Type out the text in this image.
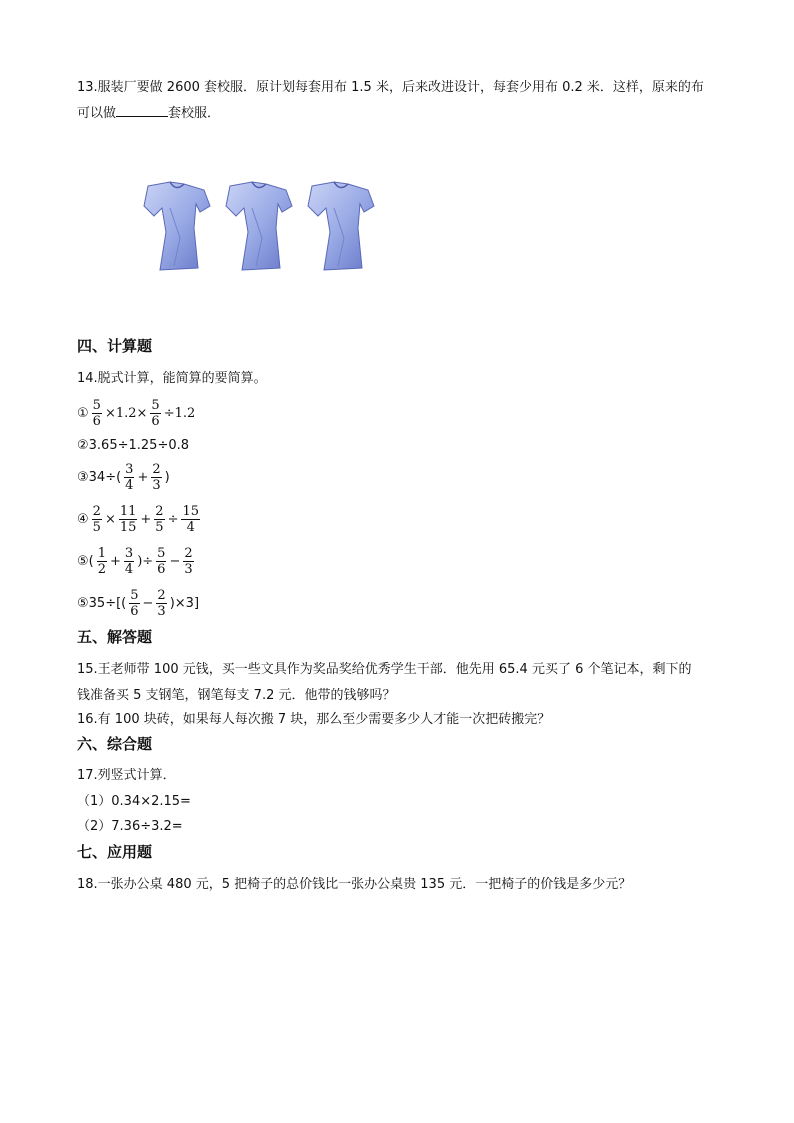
13.服装厂要做 2600 套校服．原计划每套用布 1.5 米，后来改进设计，每套少用布 0.2 米．这样，原来的布
可以做	套校服．
四、计算题
14.脱式计算，能简算的要简算。
① $\frac{5}{6} \times 1.2\times \frac{5}{6} \div 1.2$
②3.65÷1.25÷0.8
③34÷( $\frac{3}{4} + \frac{2}{3}$ )
④ $\frac{2}{5} \times \frac{11}{15} + \frac{2}{5} \div \frac{15}{4}$
⑤( $\frac{1}{2} + \frac{3}{4}$ )÷ $\frac{5}{6} - \frac{2}{3}$
⑤35÷[( $\frac{5}{6} - \frac{2}{3} )\times 3$]
五、解答题
15.王老师带 100 元钱，买一些文具作为奖品奖给优秀学生干部．他先用 65.4 元买了 6 个笔记本，剩下的
钱准备买 5 支钢笔，钢笔每支 7.2 元．他带的钱够吗？
16.有 100 块砖，如果每人每次搬 7 块，那么至少需要多少人才能一次把砖搬完？
六、综合题
17.列竖式计算．
（1）0.34×2.15=
（2）7.36÷3.2=
七、应用题
18.一张办公桌 480 元，5 把椅子的总价钱比一张办公桌贵 135 元．一把椅子的价钱是多少元？
